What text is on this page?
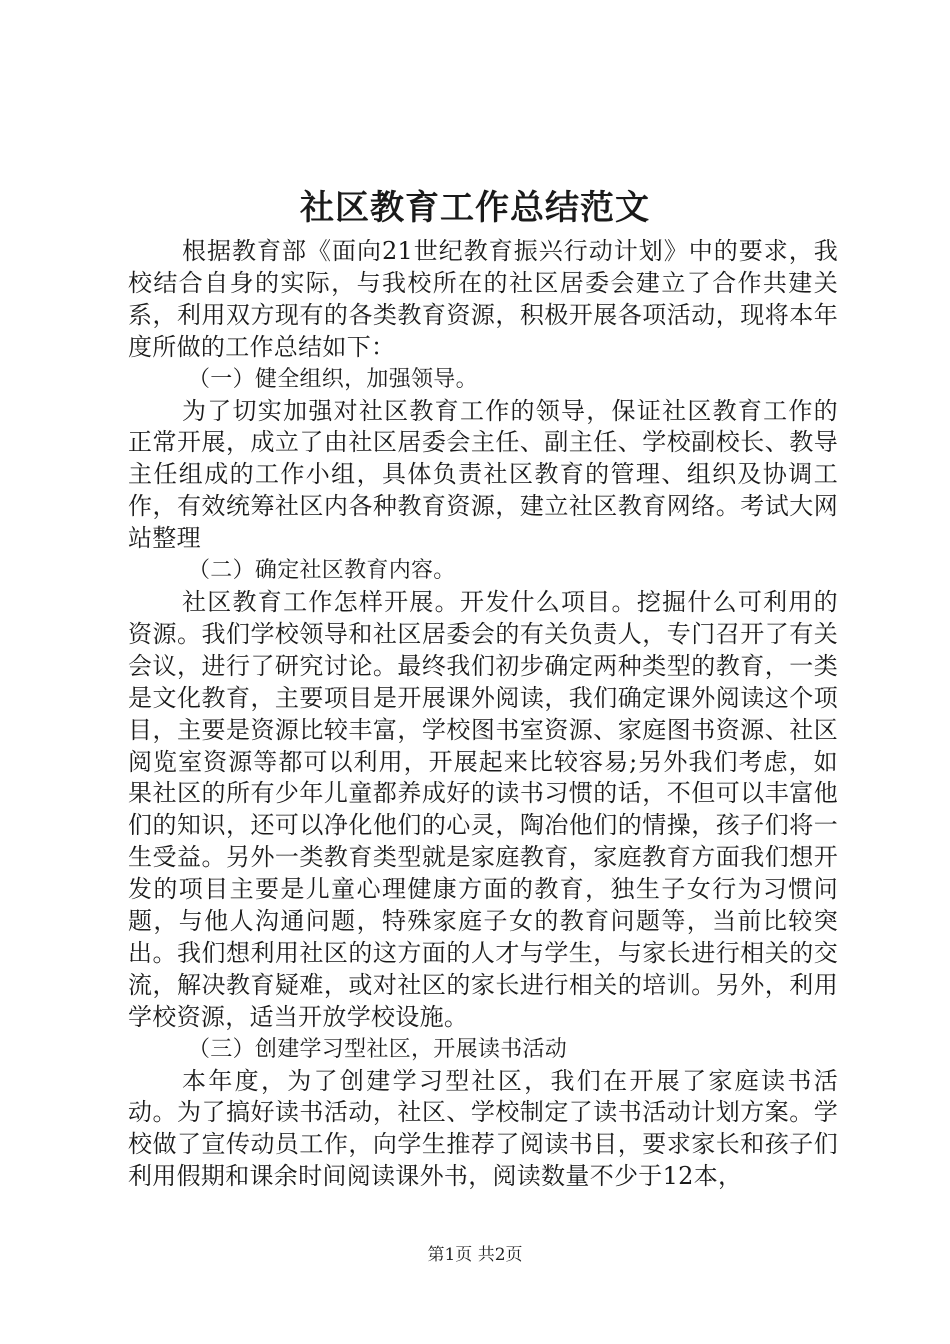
社区教育工作总结范文

根据教育部《面向21世纪教育振兴行动计划》中的要求，我校结合自身的实际，与我校所在的社区居委会建立了合作共建关系，利用双方现有的各类教育资源，积极开展各项活动，现将本年度所做的工作总结如下：

（一）健全组织，加强领导。

为了切实加强对社区教育工作的领导，保证社区教育工作的正常开展，成立了由社区居委会主任、副主任、学校副校长、教导主任组成的工作小组，具体负责社区教育的管理、组织及协调工作，有效统筹社区内各种教育资源，建立社区教育网络。考试大网站整理

（二）确定社区教育内容。

社区教育工作怎样开展。开发什么项目。挖掘什么可利用的资源。我们学校领导和社区居委会的有关负责人，专门召开了有关会议，进行了研究讨论。最终我们初步确定两种类型的教育，一类是文化教育，主要项目是开展课外阅读，我们确定课外阅读这个项目，主要是资源比较丰富，学校图书室资源、家庭图书资源、社区阅览室资源等都可以利用，开展起来比较容易;另外我们考虑，如果社区的所有少年儿童都养成好的读书习惯的话，不但可以丰富他们的知识，还可以净化他们的心灵，陶冶他们的情操，孩子们将一生受益。另外一类教育类型就是家庭教育，家庭教育方面我们想开发的项目主要是儿童心理健康方面的教育，独生子女行为习惯问题，与他人沟通问题，特殊家庭子女的教育问题等，当前比较突出。我们想利用社区的这方面的人才与学生，与家长进行相关的交流，解决教育疑难，或对社区的家长进行相关的培训。另外，利用学校资源，适当开放学校设施。

（三）创建学习型社区，开展读书活动

本年度，为了创建学习型社区，我们在开展了家庭读书活动。为了搞好读书活动，社区、学校制定了读书活动计划方案。学校做了宣传动员工作，向学生推荐了阅读书目，要求家长和孩子们利用假期和课余时间阅读课外书，阅读数量不少于12本，

第1页 共2页
